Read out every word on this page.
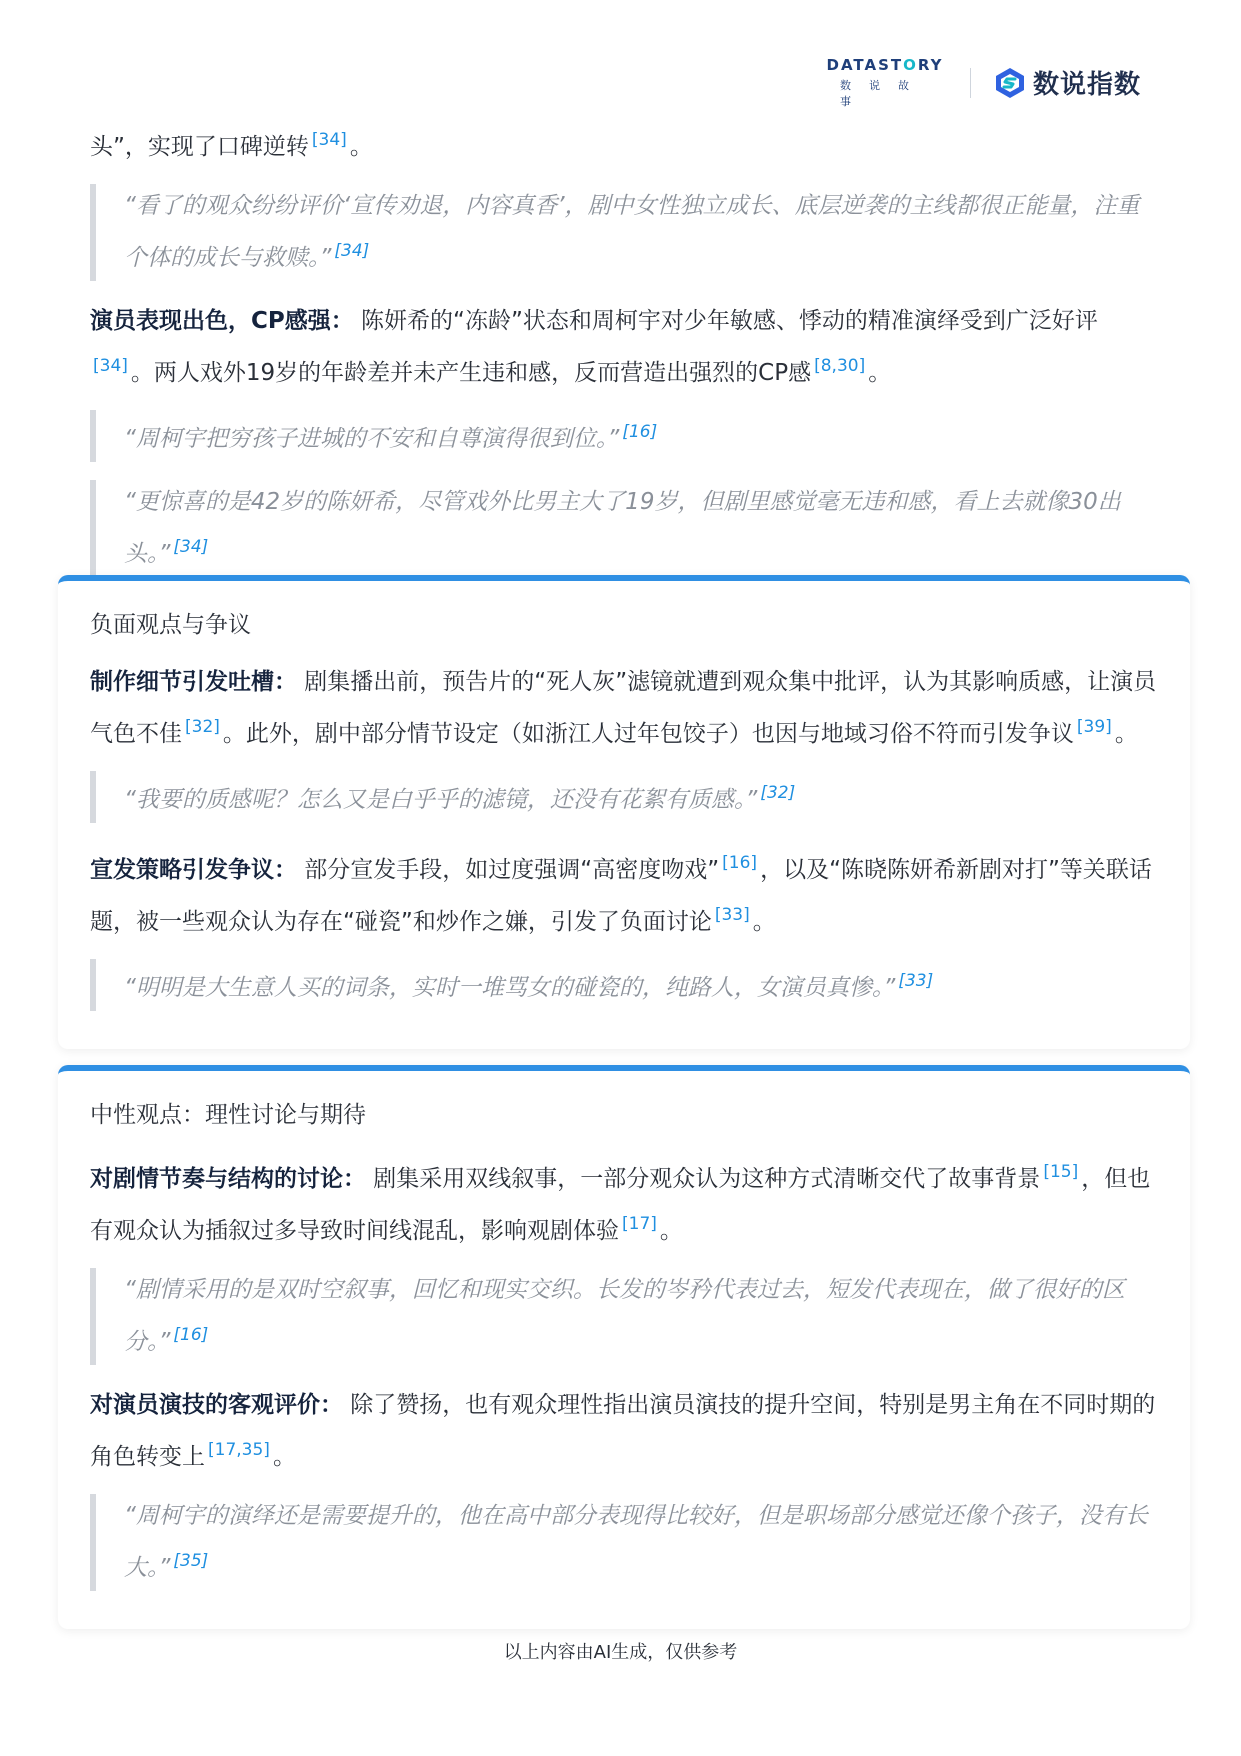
DATASTORY
数说故事
数说指数

头”，实现了口碑逆转 [34] 。

“看了的观众纷纷评价‘宣传劝退，内容真香’，剧中女性独立成长、底层逆袭的主线都很正能量，注重个体的成长与救赎。” [34]

演员表现出色，CP感强： 陈妍希的“冻龄”状态和周柯宇对少年敏感、悸动的精准演绎受到广泛好评[34] 。两人戏外19岁的年龄差并未产生违和感，反而营造出强烈的CP感 [8,30] 。

“周柯宇把穷孩子进城的不安和自尊演得很到位。” [16]
“更惊喜的是42岁的陈妍希，尽管戏外比男主大了19岁，但剧里感觉毫无违和感，看上去就像30出头。” [34]

负面观点与争议

制作细节引发吐槽： 剧集播出前，预告片的“死人灰”滤镜就遭到观众集中批评，认为其影响质感，让演员气色不佳 [32] 。此外，剧中部分情节设定（如浙江人过年包饺子）也因与地域习俗不符而引发争议 [39] 。

“我要的质感呢？怎么又是白乎乎的滤镜，还没有花絮有质感。” [32]

宣发策略引发争议： 部分宣发手段，如过度强调“高密度吻戏” [16] ，以及“陈晓陈妍希新剧对打”等关联话题，被一些观众认为存在“碰瓷”和炒作之嫌，引发了负面讨论 [33] 。

“明明是大生意人买的词条，实时一堆骂女的碰瓷的，纯路人，女演员真惨。” [33]

中性观点：理性讨论与期待

对剧情节奏与结构的讨论： 剧集采用双线叙事，一部分观众认为这种方式清晰交代了故事背景 [15] ，但也有观众认为插叙过多导致时间线混乱，影响观剧体验 [17] 。

“剧情采用的是双时空叙事，回忆和现实交织。长发的岑矜代表过去，短发代表现在，做了很好的区分。” [16]

对演员演技的客观评价： 除了赞扬，也有观众理性指出演员演技的提升空间，特别是男主角在不同时期的角色转变上 [17,35] 。

“周柯宇的演绎还是需要提升的，他在高中部分表现得比较好，但是职场部分感觉还像个孩子，没有长大。” [35]
以上内容由AI生成，仅供参考
